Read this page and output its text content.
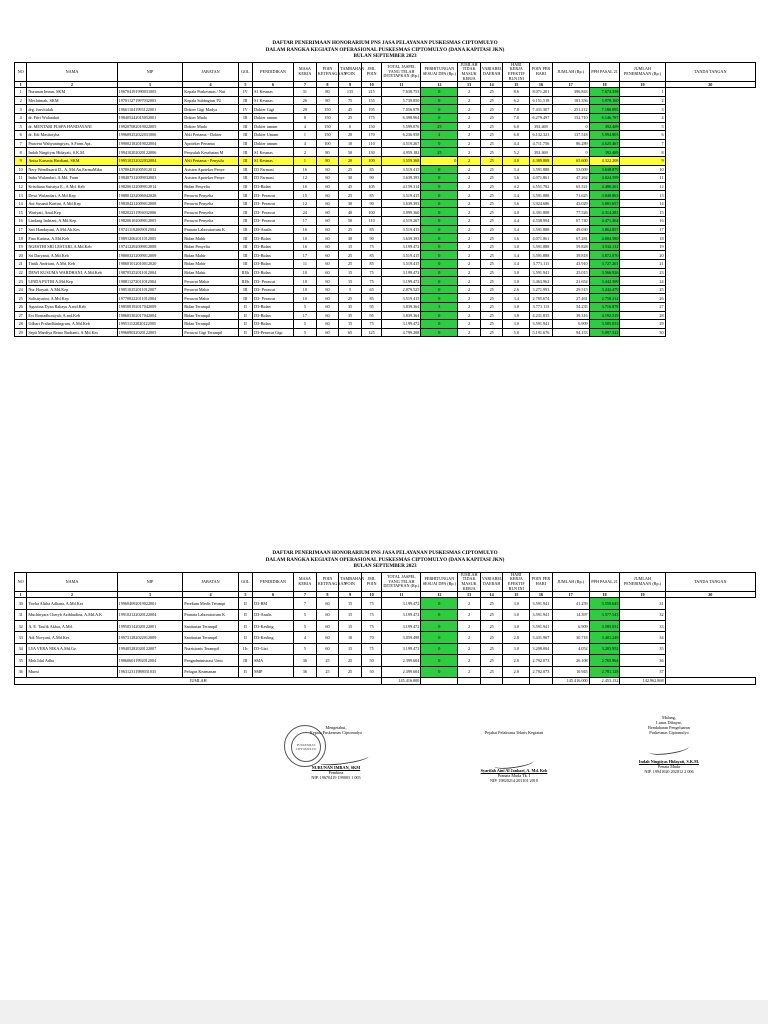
DAFTAR PENERIMAAN HONORARIUM PNS JASA PELAYANAN PUSKESMAS CIPTOMULYO
DALAM RANGKA KEGIATAN OPERASIONAL PUSKESMAS CIPTOMULYO (DANA KAPITASI JKN)
BULAN SEPTEMBER 2023
NO	NAMA	NIP	JABATAN	GOL	PENDIDIKAN	MASA KERJA	POIN KETENAGAAN	TAMBAHAN POIN	JML POIN	TOTAL JASPEL YANG TELAH DITETAPKAN (Rp.)	PERHITUNGAN SESUAI DPA (Rp.)	JUMLAH TIDAK MASUK KERJA	VARIABEL DAERAH	HARI KERJA EFEKTIF BLN INI	POIN PER HARI	JUMLAH (Rp.)	PPH PASAL 21	JUMLAH PENERIMAAN (Rp.)	TANDA TANGAN
1	2	3	4	5	6	7	8	9	10	11	12	13	14	15	16	17	18	19	20
1	Nurunan Imran, SKM	196704191990031005	Kepala Puskesmas / Nut	IV	S1 Kesmas	31	80	135	215	7.638.753	0	2	25	8.6	8.071.201	396.843	7.674.358	1	
2	Mechtimah, SKM	197011271997032003	Kepala Subbagian TU	III	S1 Kesmas	26	80	75	155	5.739.850	0	2	25	6.2	6.151.518	181.356	5.970.160	2	
3	drg. Jusvitidah	196611041993122001	Dokter Gigi Madya	IV	Dokter Gigi	29	150	45	195	7.056.878	0	2	25	7.8	7.431.307	251.212	7.180.095	3	
4	dr. Fitri Wulandari	198405242015052001	Dokter Muda	III	Dokter umum	8	150	25	175	6.398.964	0	2	25	7.0	6.279.497	152.710	6.146.787	4	
5	dr. MENTARI PUSPA HANDAYANI	199207082019022005	Dokter Muda	III	Dokter umum	4	150	0	150	5.599.076	25	2	25	6.0	392.469	0	392.469	5	
6	dr. Edi Masitotyha	199609252022031006	Ahli Pertama - Dokter	III	Dokter Umum	1	150	20	170	6.236.958	2	2	25	6.8	6.132.321	137.518	5.994.803	6	
7	Praweni Wahyuningtyas, S.Farm.Apt.	199002182019022004	Apoteker Pertama	III	Dokter umum	4	100	10	110	4.519.267	0	2	25	4.4	4.711.756	86.289	4.625.467	7	
8	Indah Ningtiyas Hidayati, S.K.M.	199410202020122006	Penyuluh Kesehatan M	III	S1 Kesmas	2	80	50	130	4.959.182	25	2	25	5.2	392.469	0	392.469	8	
9	Anisa Karunia Hardiani, SKM	199510232022032004	Ahli Pertama - Penyulu	III	S1 Kesmas	1	80	20	100	3.559.368	0	2	25	4.0	4.389.808	65.600	4.322.208	9	
10	Nery Wendhuarti D., A. Md.An.FarmaMiku	197804292005012012	Asisten Apoteker Penye	III	D3 Farmasi	16	60	25	85	3.519.415	0	2	25	3.4	3.591.888	53.009	3.638.879	10	
11	Indra Wulandari, A.Md. Farm	198407312009032003	Asisten Apoteker Penye	III	D3 Farmasi	12	60	30	90	3.639.393	0	2	25	3.6	4.071.861	47.262	4.024.599	11	
12	Krisdiana Suistiya E., A.Md. Keb	198206122009012014	Bidan Penyelia	III	D3-Bidan	16	60	45	105	4.159.314	0	2	25	4.2	4.551.782	65.521	4.486.261	12	
13	Dewi Wulandari, A.Md.Kep	198801232006042028	Perawat Penyelia	III	D3- Perawat	15	60	25	85	3.519.415	0	2	25	3.4	3.591.888	71.625	3.840.863	13	
14	Ani Susanti Kartini, A.Md.Kep	198304212009012008	Perawat Penyelia	III	D3- Perawat	12	60	30	90	3.639.393	0	2	25	3.6	3.924.686	43.029	3.881.657	14	
15	Wariyati, Amd.Kep	198202211994032006	Perawat Penyelia	III	D3- Perawat	24	60	40	100	3.999.360	0	2	25	4.0	4.391.808	77.526	4.314.281	15	
16	Lindang Indriani, A.Md.Kep	198206102009012005	Perawat Penyelia	III	D3- Perawat	17	60	50	110	4.519.267	0	2	25	4.4	4.538.994	67.740	4.471.264	16	
17	Sari Handayani, A.Md.Ak.Kes	197411182009012004	Pranata Laboratorium K	III	D3-Analis	16	60	25	85	3.519.415	0	2	25	3.4	3.591.888	49.030	3.862.857	17	
18	Fina Karima, A.Md.Keb	198912062011012005	Bidan Mahir	III	D3-Bidan	10	60	30	90	3.639.393	0	2	25	3.6	4.071.861	67.281	4.004.580	18	
19	NGESTHI SRI LESTARI, A.Md.Keb	197412292009012008	Bidan Penyelia	III	D3-Bidan	16	60	15	75	3.199.472	0	2	25	3.0	3.591.888	59.828	3.532.112	19	
20	Sri Daryanti, A.Md.Keb	198003212009012009	Bidan Mahir	III	D3-Bidan	17	60	25	85	3.519.415	0	2	25	3.4	3.591.888	39.818	3.872.070	20	
21	Tintik Andriani, A.Md. Keb	198601012010012020	Bidan Mahir	III	D3-Bidan	11	60	25	85	3.519.415	0	2	25	3.4	3.771.111	43.910	3.727.201	21	
22	DEWI KUSUMA WARDHANI, A.Md.Keb	198705252011012004	Bidan Mahir	III/b	D3-Bidan	10	60	15	75	3.199.472	0	2	25	3.0	3.591.941	25.015	3.566.926	23	
23	LINDA PUTRI A.Md.Kep	198811272011012004	Perawat Mahir	III/b	D3- Perawat	10	60	15	75	3.199.472	0	2	25	3.0	3.463.962	21.652	3.442.309	24	
24	Nur Haryati, A.Md.Kep	198510252011012007	Perawat Mahir	III	D3- Perawat	10	60	5	65	2.879.525	0	2	25	2.6	3.271.993	29.515	3.242.479	25	
25	Sulistiyarini, A.Md.Kep	197708222011012004	Perawat Mahir	III	D3- Perawat	10	60	25	85	3.519.415	0	2	25	3.4	2.785.674	27.461	2.758.212	26	
26	Agustina Dyan Rahayu A.md.Keb	198508192017042009	Bidan Terampil	II	D3-Bidan	5	60	35	95	3.839.364	3	2	25	3.8	3.771.113	54.235	3.716.878	27	
27	Evi Romadhoniyah, A.md.Keb	198605302017042004	Bidan Terampil	II	D3-Bidan	17	60	35	95	3.839.364	0	2	25	3.8	4.231.835	39.316	4.192.519	28	
28	Udhari Prahadhiningrum, A.Md.Keb	199511122020122005	Bidan Terampil	II	D3-Bidan	5	60	15	75	3.199.472	0	2	25	3.0	3.591.941	6.909	3.585.033	29	
29	Septi Mardiya Retno Rudianti, A.Md.Kes	199609022020122005	Perawat Gigi Terampil	II	D3-Perawat Gigi	5	60	65	125	4.799.208	0	2	25	5.0	5.191.676	94.153	5.097.522	30	
DAFTAR PENERIMAAN HONORARIUM PNS JASA PELAYANAN PUSKESMAS CIPTOMULYO
DALAM RANGKA KEGIATAN OPERASIONAL PUSKESMAS CIPTOMULYO (DANA KAPITASI JKN)
BULAN SEPTEMBER 2023
NO	NAMA	NIP	JABATAN	GOL	PENDIDIKAN	MASA KERJA	POIN KETENAGAAN	TAMBAHAN POIN	JML POIN	TOTAL JASPEL YANG TELAH DITETAPKAN (Rp.)	PERHITUNGAN SESUAI DPA (Rp.)	JUMLAH TIDAK MASUK KERJA	VARIABEL DAERAH	HARI KERJA EFEKTIF BLN INI	POIN PER HARI	JUMLAH (Rp.)	PPH PASAL 21	JUMLAH PENERIMAAN (Rp.)	TANDA TANGAN
1	2	3	4	5	6	7	8	9	10	11	12	13	14	15	16	17	18	19	20
30	Yoeha Alitha Adhana, A.Md.Kes	199604092019022001	Perekam Medis Terampi	II	D3-RM	7	60	15	75	3.199.472	0	2	25	3.0	3.591.941	41.259	3.550.645	31	
31	Muchinyara Cheryb Azibbudina, A.Md.A.K	199102122020122004	Pranata Laboratorium K	II	D3-Analis	5	60	15	75	3.199.472	0	2	25	3.0	3.591.941	14.397	3.577.543	32	
32	A. E. Taufik Akbar, A.Md.	199505142020122001	Sanitarian Terampil	II	D3-Kesling	5	60	15	75	3.199.472	0	2	25	3.0	3.591.941	6.909	3.585.031	33	
33	Adi Novyani, A.Md.Kes	199731282022012009	Sanitarian Terampil	II	D3-Kesling	4	60	10	70	3.059.498	0	2	25	2.8	3.431.967	30.718	3.401.249	34	
34	LYA VERA NIKA A.Md.Gz.	199405282020122007	Nutrisionis Terampil	IIc	D3-Gizi	5	60	15	75	3.199.472	0	2	25	3.0	3.208.004	4.052	3.203.952	35	
35	Moh.Idul Adha	198606011992012004	Pengadministrasi Umu	III	SMA	36	25	25	50	2.399.604	0	2	25	2.0	2.792.073	26.108	2.765.964	36	
36	Murni	196312311988031035	Pelugas Keamanan	II	SMP	36	25	25	50	2.399.604	0	2	25	2.0	2.792.073	10.945	2.781.128	37	
JUMLAH										145.416.000						145.416.000	2.453.132	142.962.868	
Mengetahui,
Kepala Puskesmas Ciptomulyo
NURUNAN IMRAN, SKM
Pembina
NIP. 19670419 199003 1 005
Pejabat Pelaksana Teknis Kegiatan
Syarifah Aini Al Janhari, A. Md. Keb
Pranata Muda Tk. I
NIP. 19820214 201101 2010
Malang,
Lunas Dibayar,
Bendaharan Pengeluaran
Puskesmas Ciptomulyo
Indah Ningtiyas Hidayati, S.K.M.
Penata Muda
NIP. 19941020 202012 2 006
PUSKESMAS CIPTOMULYO
